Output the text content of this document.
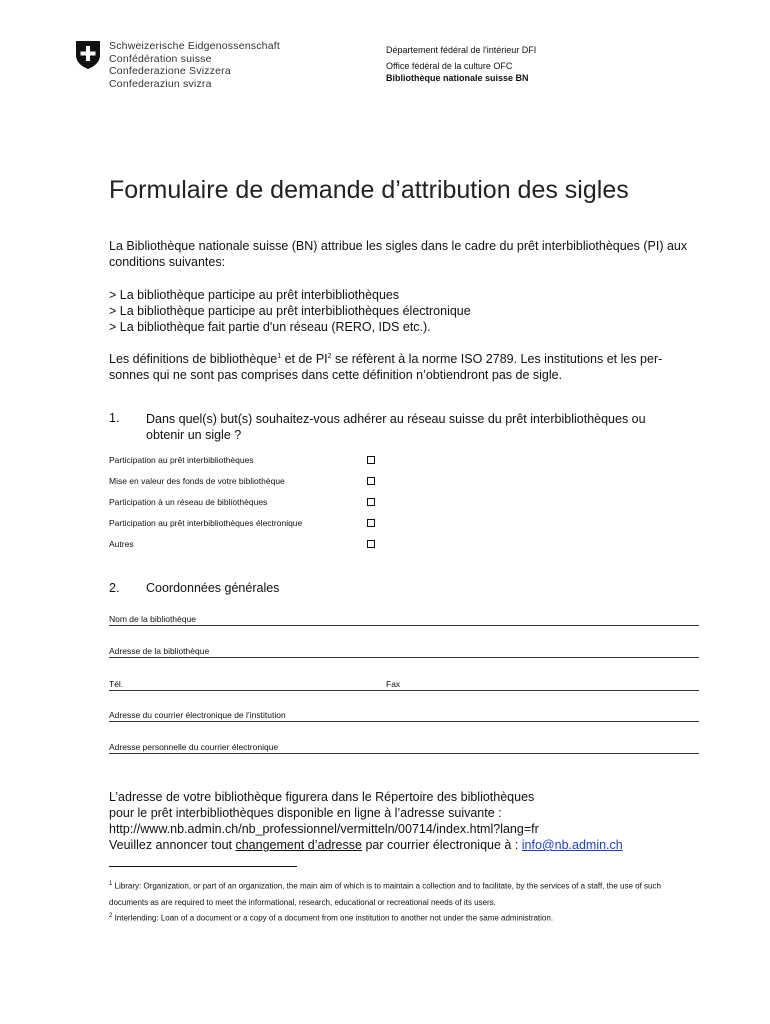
Schweizerische Eidgenossenschaft
Confédération suisse
Confederazione Svizzera
Confederaziun svizra
Département fédéral de l'intérieur DFI
Office fédéral de la culture OFC
Bibliothèque nationale suisse BN
Formulaire de demande d’attribution des sigles
La Bibliothèque nationale suisse (BN) attribue les sigles dans le cadre du prêt interbibliothèques (PI) aux conditions suivantes:
> La bibliothèque participe au prêt interbibliothèques
> La bibliothèque participe au prêt interbibliothèques électronique
> La bibliothèque fait partie d'un réseau (RERO, IDS etc.).
Les définitions de bibliothèque$^1$ et de $PI^2$ se réfèrent à la norme ISO 2789. Les institutions et les per-sonnes qui ne sont pas comprises dans cette définition n’obtiendront pas de sigle.
1. Dans quel(s) but(s) souhaitez-vous adhérer au réseau suisse du prêt interbibliothèques ou obtenir un sigle ?
Participation au prêt interbibliothèques
Mise en valeur des fonds de votre bibliothèque
Participation à un réseau de bibliothèques
Participation au prêt interbibliothèques électronique
Autres
2. Coordonnées générales
Nom de la bibliothèque
Adresse de la bibliothèque
Tél.	Fax
Adresse du courrier électronique de l’institution
Adresse personnelle du courrier électronique
L’adresse de votre bibliothèque figurera dans le Répertoire des bibliothèques
pour le prêt interbibliothèques disponible en ligne à l’adresse suivante :
http://www.nb.admin.ch/nb_professionnel/vermitteln/00714/index.html?lang=fr
Veuillez annoncer tout changement d’adresse par courrier électronique à : info@nb.admin.ch
$^1$ Library: Organization, or part of an organization, the main aim of which is to maintain a collection and to facilitate, by the services of a staff, the use of such documents as are required to meet the informational, research, educational or recreational needs of its users.
$^2$ Interlending: Loan of a document or a copy of a document from one institution to another not under the same administration.
